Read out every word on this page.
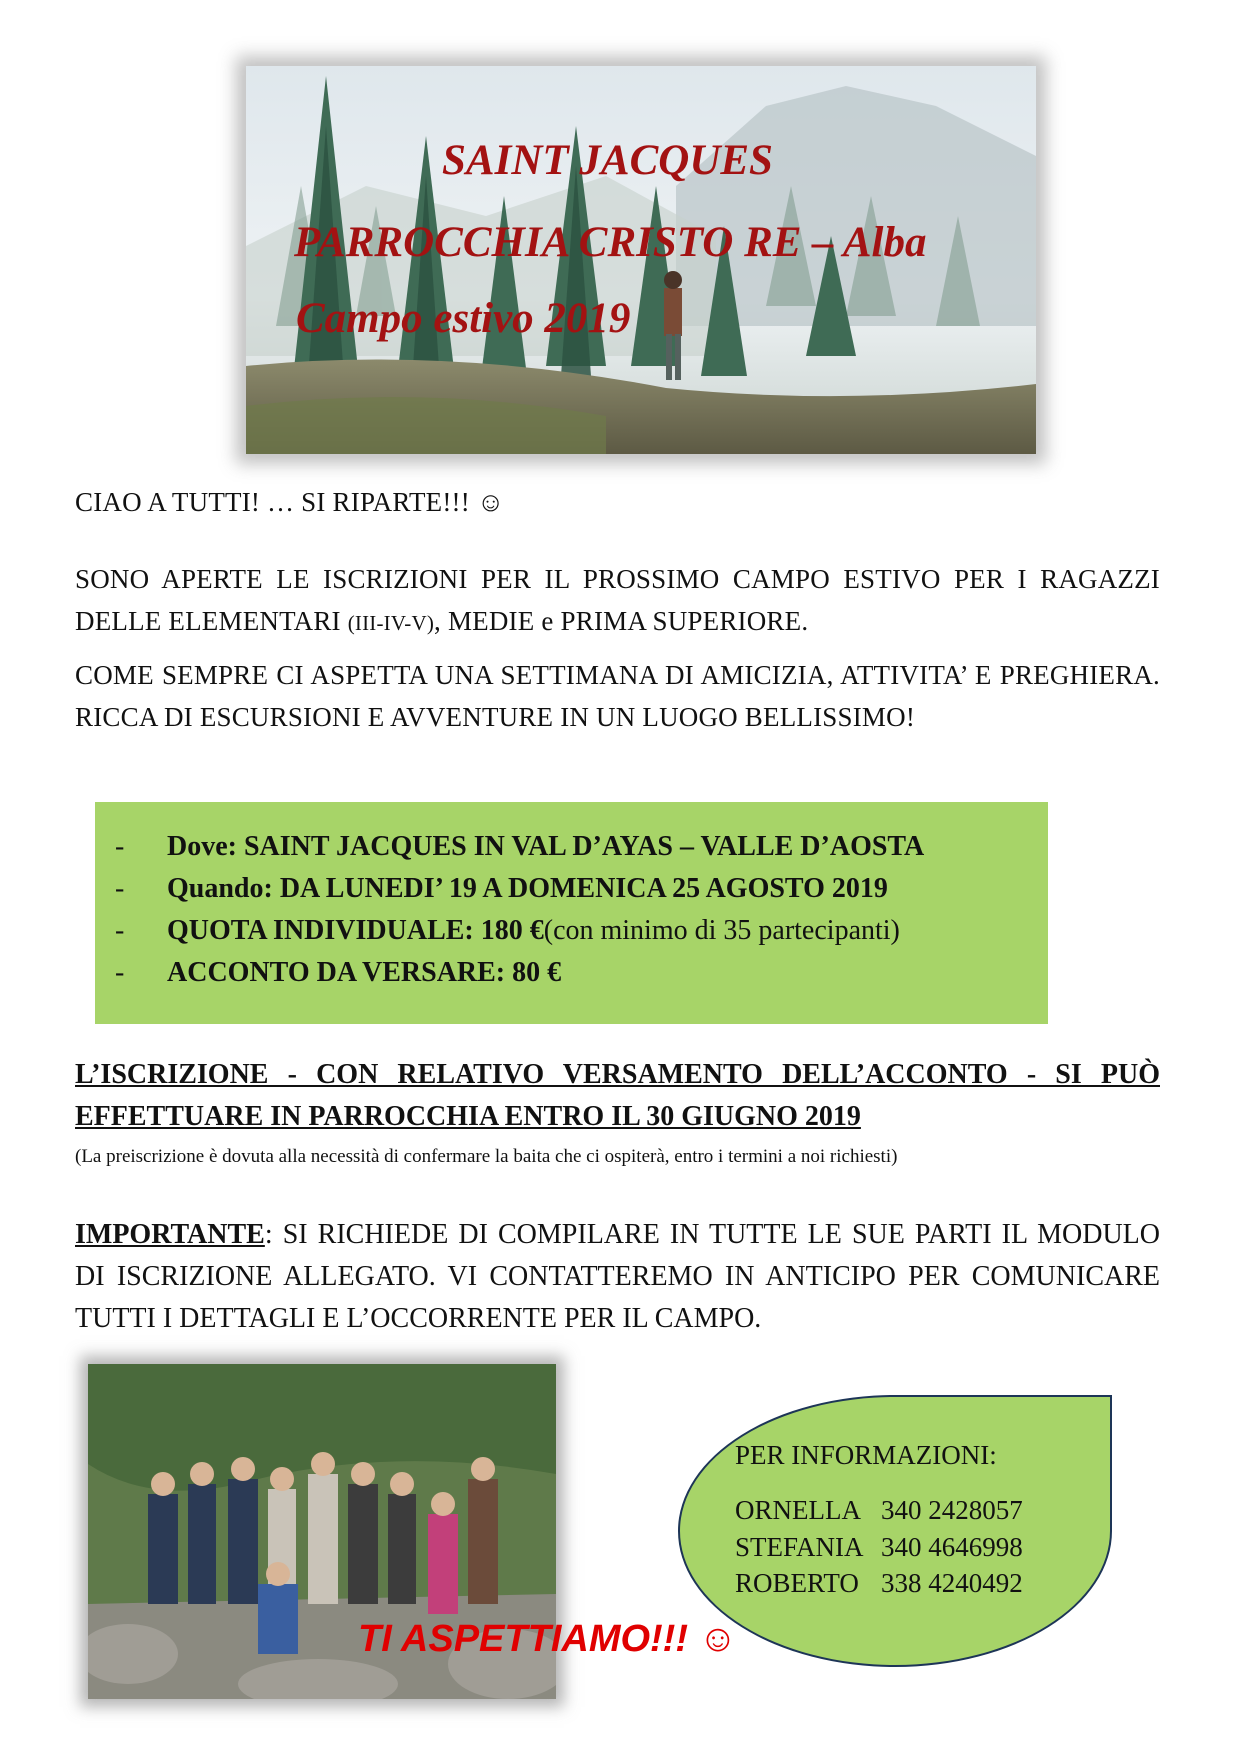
SAINT JACQUES
PARROCCHIA CRISTO RE – Alba
Campo estivo 2019

CIAO A TUTTI! … SI RIPARTE!!! ☺

SONO APERTE LE ISCRIZIONI PER IL PROSSIMO CAMPO ESTIVO PER I RAGAZZI DELLE ELEMENTARI (III-IV-V), MEDIE e PRIMA SUPERIORE.

COME SEMPRE CI ASPETTA UNA SETTIMANA DI AMICIZIA, ATTIVITA’ E PREGHIERA. RICCA DI ESCURSIONI E AVVENTURE IN UN LUOGO BELLISSIMO!

-	Dove: SAINT JACQUES IN VAL D’AYAS – VALLE D’AOSTA
-	Quando: DA LUNEDI’ 19 A DOMENICA 25 AGOSTO 2019
-	QUOTA INDIVIDUALE: 180 € (con minimo di 35 partecipanti)
-	ACCONTO DA VERSARE: 80 €

L’ISCRIZIONE - CON RELATIVO VERSAMENTO DELL’ACCONTO - SI PUÒ EFFETTUARE IN PARROCCHIA ENTRO IL 30 GIUGNO 2019

(La preiscrizione è dovuta alla necessità di confermare la baita che ci ospiterà, entro i termini a noi richiesti)

IMPORTANTE: SI RICHIEDE DI COMPILARE IN TUTTE LE SUE PARTI IL MODULO DI ISCRIZIONE ALLEGATO. VI CONTATTEREMO IN ANTICIPO PER COMUNICARE TUTTI I DETTAGLI E L’OCCORRENTE PER IL CAMPO.

PER INFORMAZIONI:

ORNELLA 340 2428057

STEFANIA 340 4646998

ROBERTO 338 4240492

TI ASPETTIAMO!!! ☺
